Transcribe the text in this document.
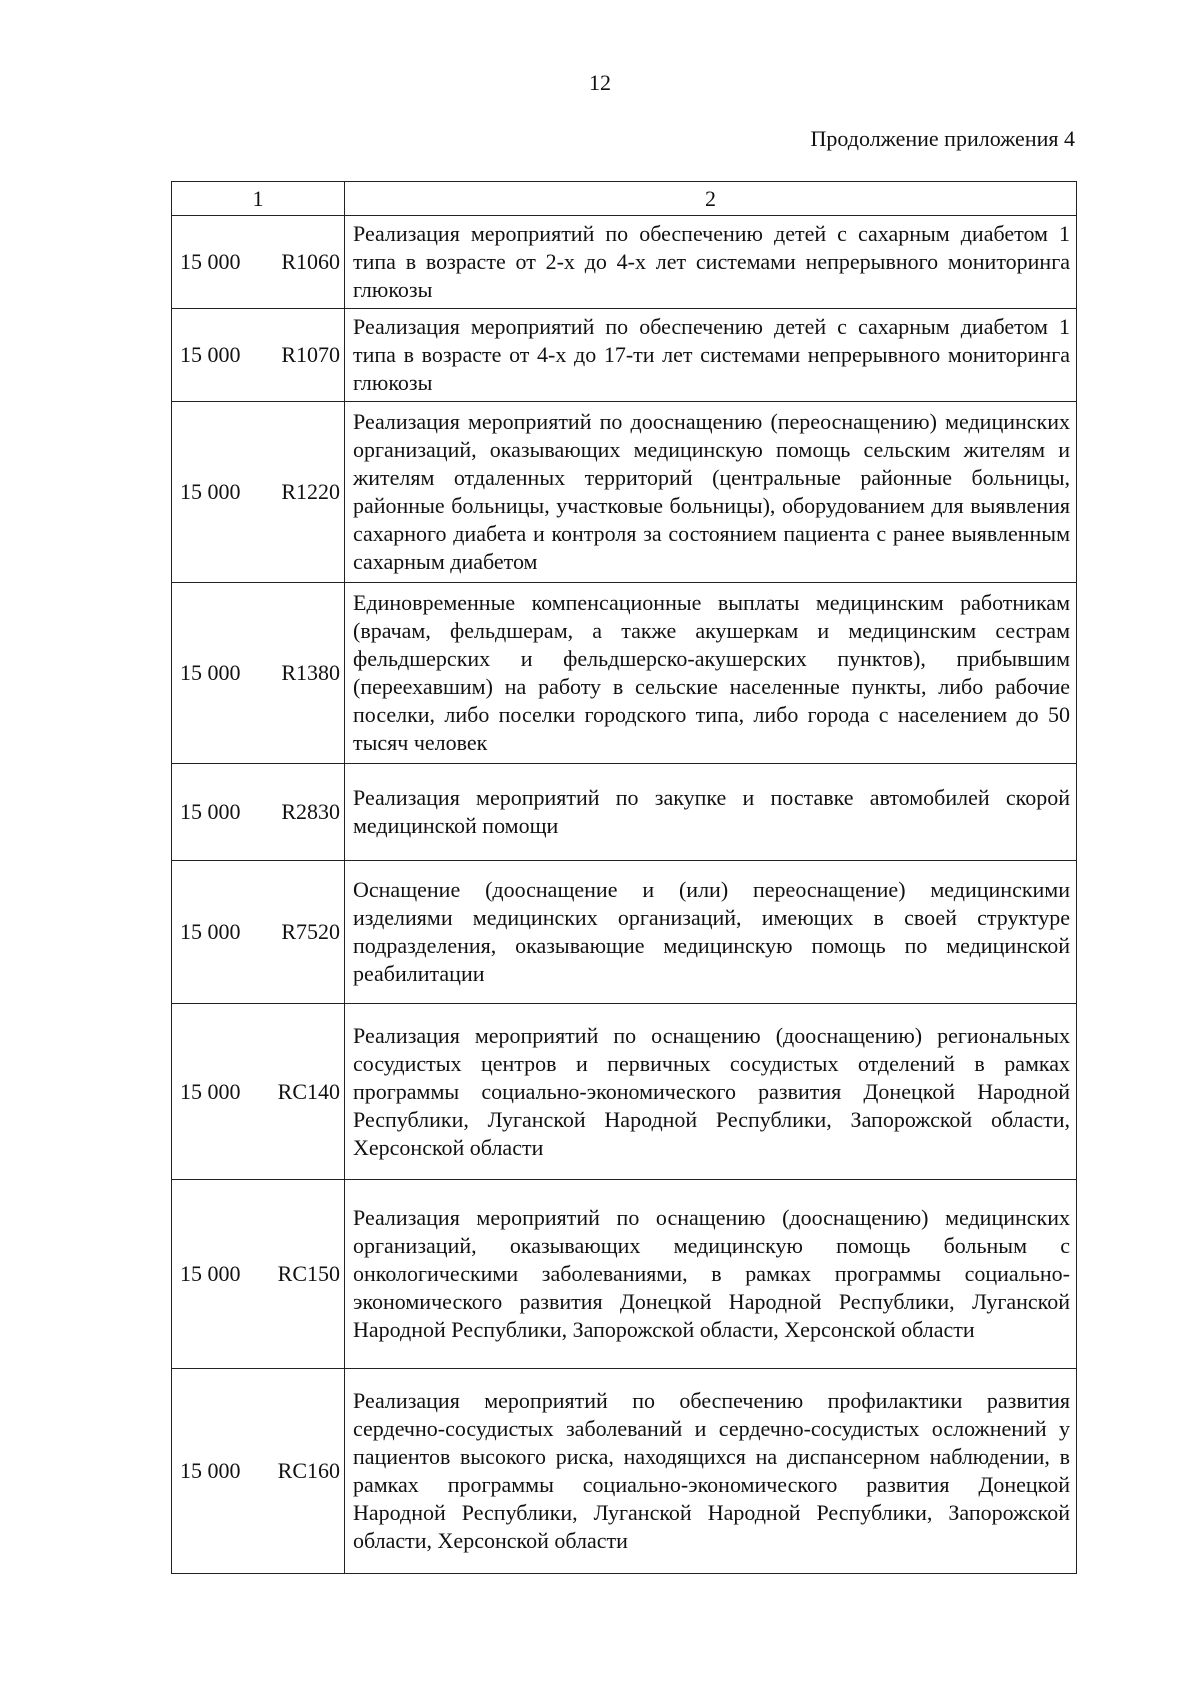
12
Продолжение приложения 4
1	2

15 000 R1060	Реализация мероприятий по обеспечению детей с сахарным диабетом 1 типа в возрасте от 2-х до 4-х лет системами непрерывного мониторинга глюкозы

15 000 R1070	Реализация мероприятий по обеспечению детей с сахарным диабетом 1 типа в возрасте от 4-х до 17-ти лет системами непрерывного мониторинга глюкозы

15 000 R1220	Реализация мероприятий по дооснащению (переоснащению) медицинских организаций, оказывающих медицинскую помощь сельским жителям и жителям отдаленных территорий (центральные районные больницы, районные больницы, участковые больницы), оборудованием для выявления сахарного диабета и контроля за состоянием пациента с ранее выявленным сахарным диабетом

15 000 R1380	Единовременные компенсационные выплаты медицинским работникам (врачам, фельдшерам, а также акушеркам и медицинским сестрам фельдшерских и фельдшерско-акушерских пунктов), прибывшим (переехавшим) на работу в сельские населенные пункты, либо рабочие поселки, либо поселки городского типа, либо города с населением до 50 тысяч человек

15 000 R2830	Реализация мероприятий по закупке и поставке автомобилей скорой медицинской помощи

15 000 R7520	Оснащение (дооснащение и (или) переоснащение) медицинскими изделиями медицинских организаций, имеющих в своей структуре подразделения, оказывающие медицинскую помощь по медицинской реабилитации

15 000 RC140	Реализация мероприятий по оснащению (дооснащению) региональных сосудистых центров и первичных сосудистых отделений в рамках программы социально-экономического развития Донецкой Народной Республики, Луганской Народной Республики, Запорожской области, Херсонской области

15 000 RC150	Реализация мероприятий по оснащению (дооснащению) медицинских организаций, оказывающих медицинскую помощь больным с онкологическими заболеваниями, в рамках программы социально-экономического развития Донецкой Народной Республики, Луганской Народной Республики, Запорожской области, Херсонской области

15 000 RC160	Реализация мероприятий по обеспечению профилактики развития сердечно-сосудистых заболеваний и сердечно-сосудистых осложнений у пациентов высокого риска, находящихся на диспансерном наблюдении, в рамках программы социально-экономического развития Донецкой Народной Республики, Луганской Народной Республики, Запорожской области, Херсонской области
